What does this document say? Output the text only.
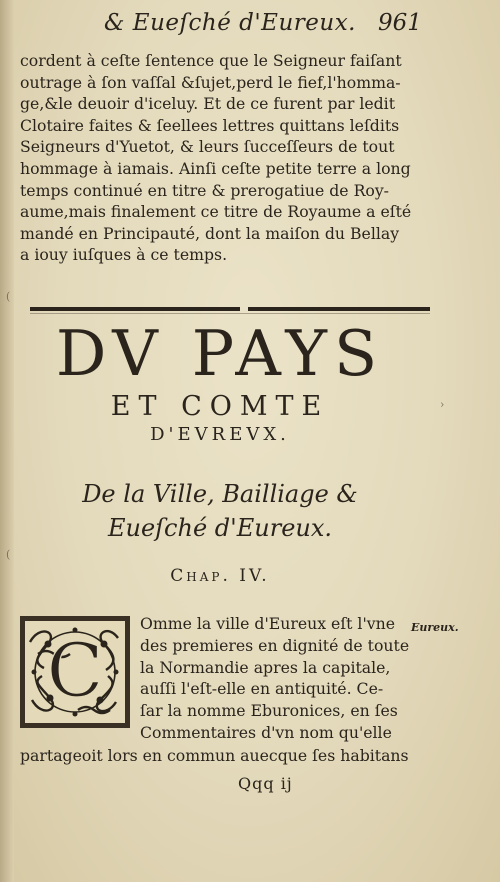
& Eueſché d'Eureux. 961
cordent à ceſte ſentence que le Seigneur faiſant
outrage à ſon vaſſal &ſujet,perd le fief,l'homma-
ge,&le deuoir d'iceluy. Et de ce furent par ledit
Clotaire faites & ſeellees lettres quittans leſdits
Seigneurs d'Yuetot, & leurs ſucceſſeurs de tout
hommage à iamais. Ainſi ceſte petite terre a long
temps continué en titre & prerogatiue de Roy-
aume,mais finalement ce titre de Royaume a eſté
mandé en Principauté, dont la maiſon du Bellay
a iouy iuſques à ce temps.
DV PAYS
ET COMTE
D'EVREVX.
De la Ville, Bailliage &
Eueſché d'Eureux.
Chap. IV.
C
Omme la ville d'Eureux eſt l'vne
des premieres en dignité de toute
la Normandie apres la capitale,
auſſi l'eſt-elle en antiquité. Ce-
ſar la nomme Eburonices, en ſes
Commentaires d'vn nom qu'elle
partageoit lors en commun auecque ſes habitans
Eureux.
Qqq ij
(
›
(
